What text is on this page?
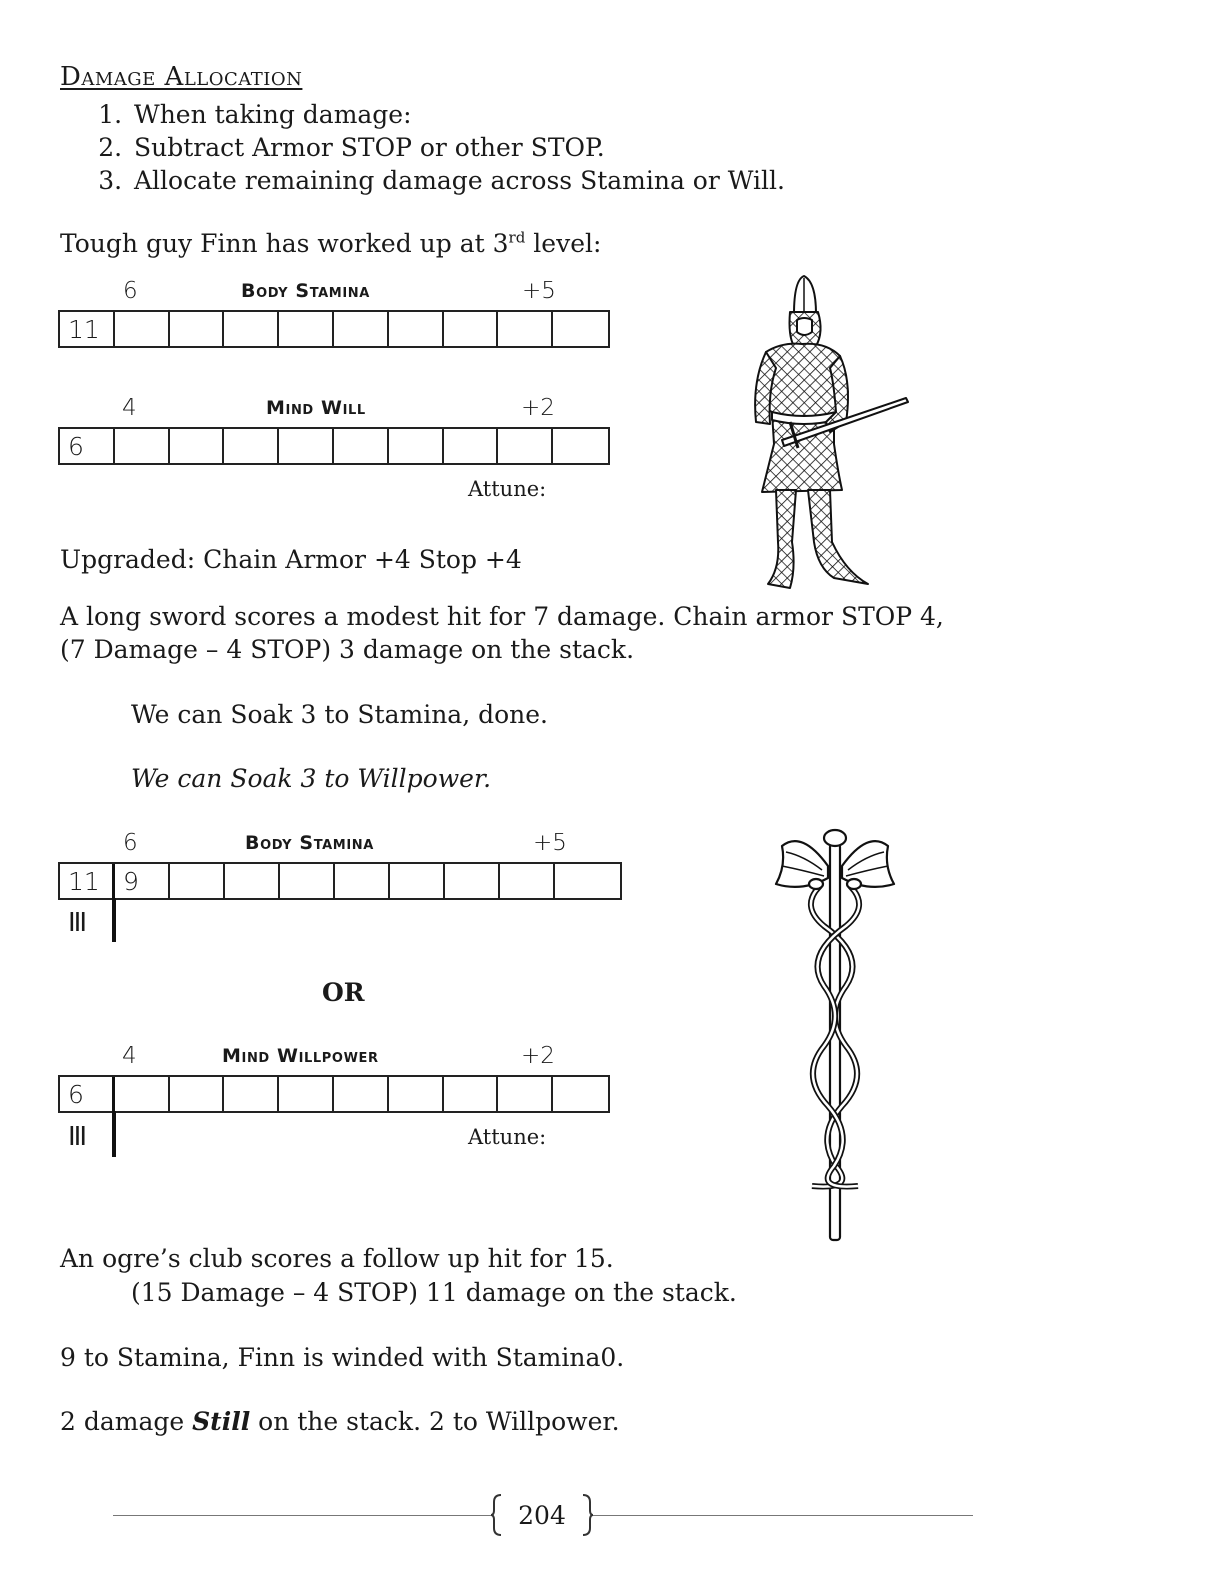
Damage Allocation
1. When taking damage:
2. Subtract Armor STOP or other STOP.
3. Allocate remaining damage across Stamina or Will.
Tough guy Finn has worked up at 3rd level:
6	Body Stamina	+5
11
4	Mind Will	+2
6
Attune:
Upgraded: Chain Armor +4 Stop +4
A long sword scores a modest hit for 7 damage. Chain armor STOP 4,
(7 Damage – 4 STOP) 3 damage on the stack.
We can Soak 3 to Stamina, done.
We can Soak 3 to Willpower.
6	Body Stamina	+5
11 9
III
OR
4	Mind Willpower	+2
6
III	Attune:
An ogre’s club scores a follow up hit for 15.
(15 Damage – 4 STOP) 11 damage on the stack.
9 to Stamina, Finn is winded with Stamina0.
2 damage Still on the stack. 2 to Willpower.
204
